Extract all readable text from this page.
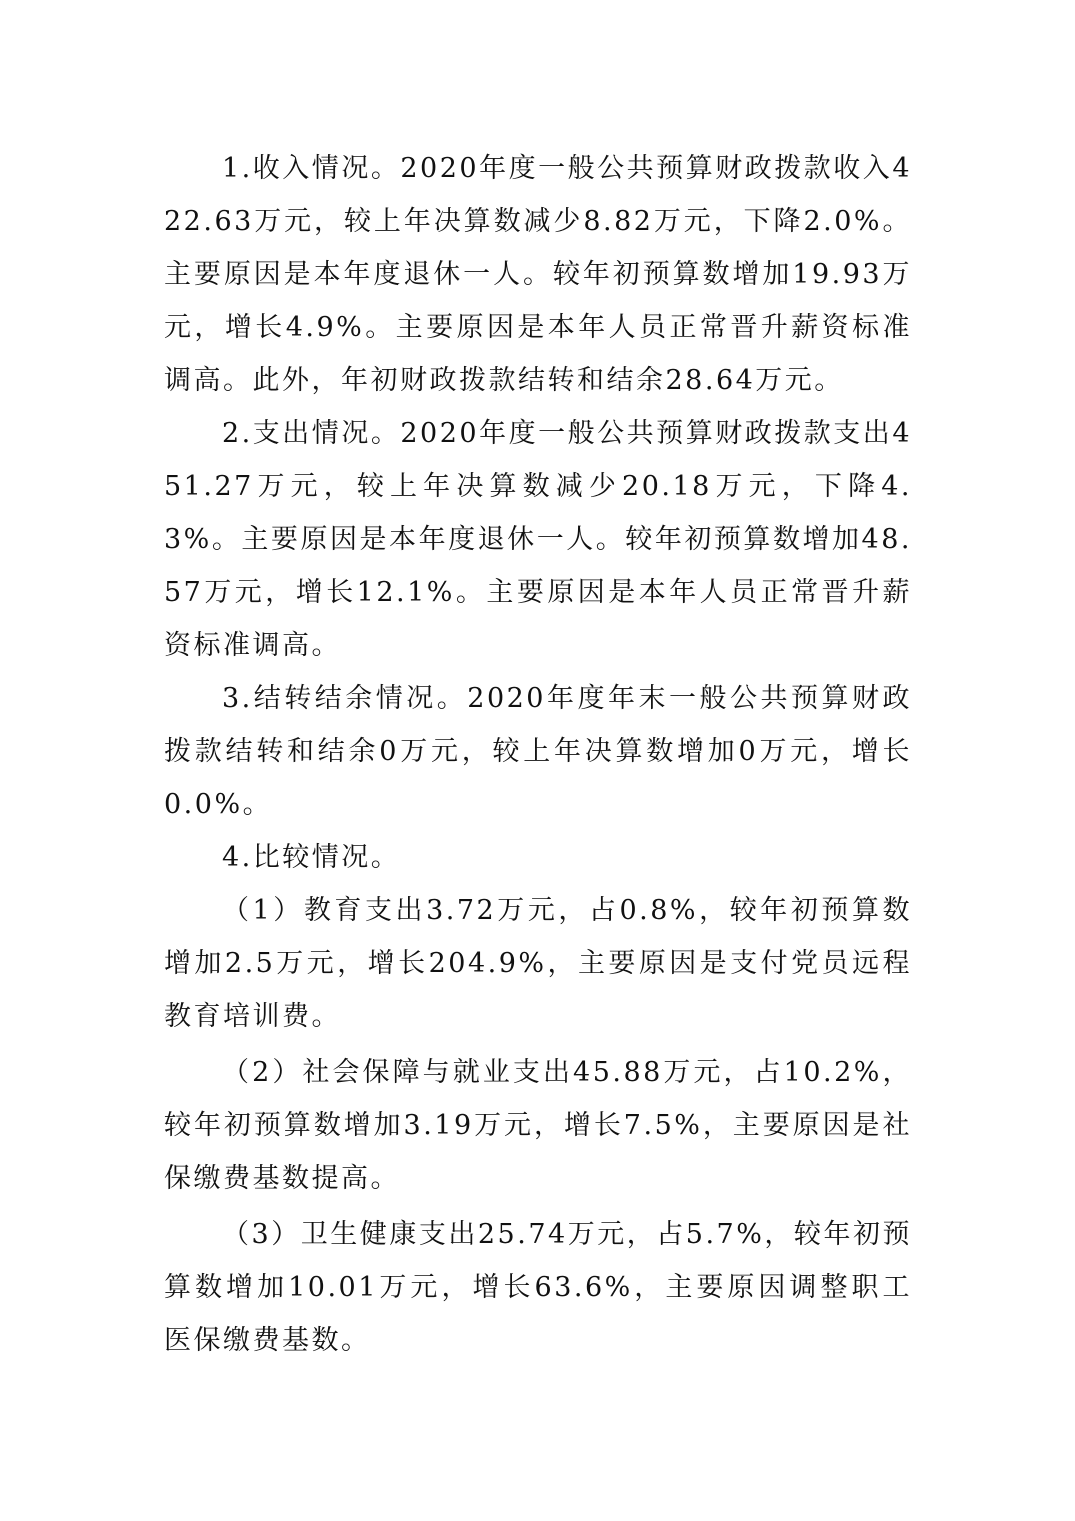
1.收入情况。2020年度一般公共预算财政拨款收入422.63万元，较上年决算数减少8.82万元，下降2.0%。主要原因是本年度退休一人。较年初预算数增加19.93万元，增长4.9%。主要原因是本年人员正常晋升薪资标准调高。此外，年初财政拨款结转和结余28.64万元。

2.支出情况。2020年度一般公共预算财政拨款支出451.27万元，较上年决算数减少20.18万元，下降4.3%。主要原因是本年度退休一人。较年初预算数增加48.57万元，增长12.1%。主要原因是本年人员正常晋升薪资标准调高。

3.结转结余情况。2020年度年末一般公共预算财政拨款结转和结余0万元，较上年决算数增加0万元，增长0.0%。

4.比较情况。

（1）教育支出3.72万元，占0.8%，较年初预算数增加2.5万元，增长204.9%，主要原因是支付党员远程教育培训费。

（2）社会保障与就业支出45.88万元，占10.2%，较年初预算数增加3.19万元，增长7.5%，主要原因是社保缴费基数提高。

（3）卫生健康支出25.74万元，占5.7%，较年初预算数增加10.01万元，增长63.6%，主要原因调整职工医保缴费基数。
